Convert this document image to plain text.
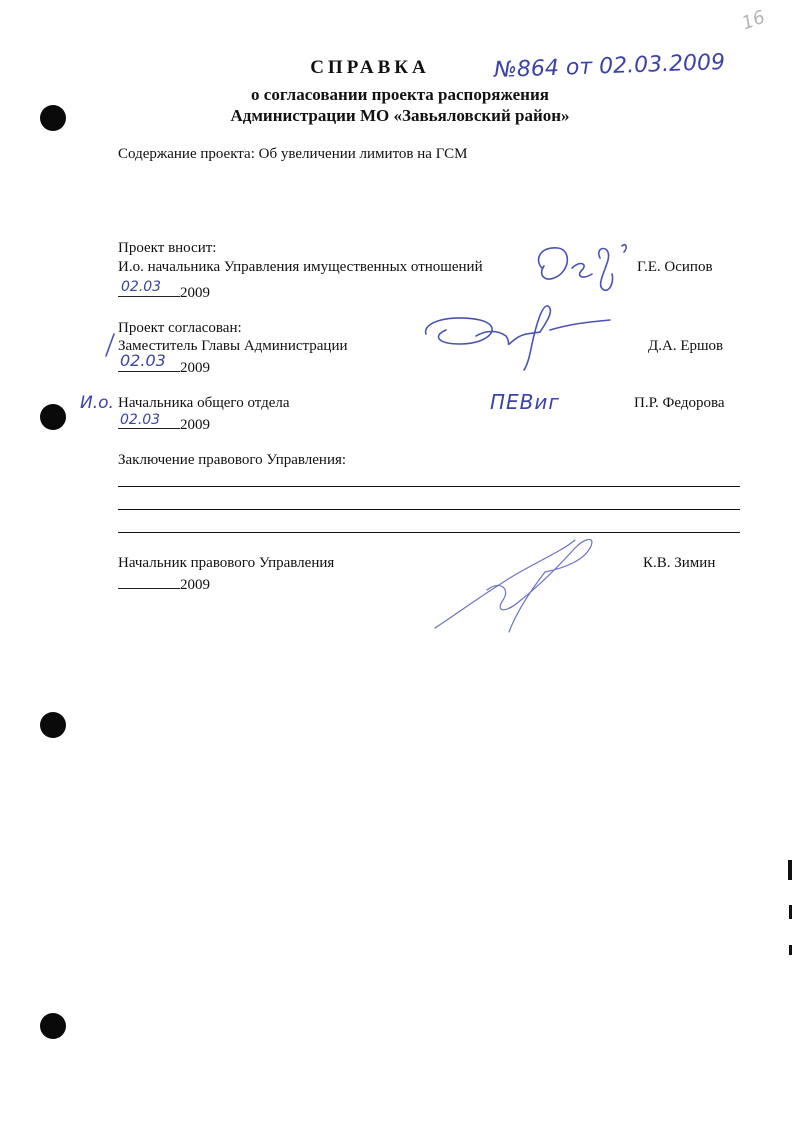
16
СПРАВКА	№864 от 02.03.2009
о согласовании проекта распоряжения
Администрации МО «Завьяловский район»
Содержание проекта: Об увеличении лимитов на ГСМ
Проект вносит:
И.о. начальника Управления имущественных отношений	Г.Е. Осипов
2009
02.03
Проект согласован:
Заместитель Главы Администрации	Д.А. Ершов
2009
02.03
И.о. Начальника общего отдела	ПЕВиг	П.Р. Федорова
2009
02.03
Заключение правового Управления:
Начальник правового Управления	К.В. Зимин
2009
